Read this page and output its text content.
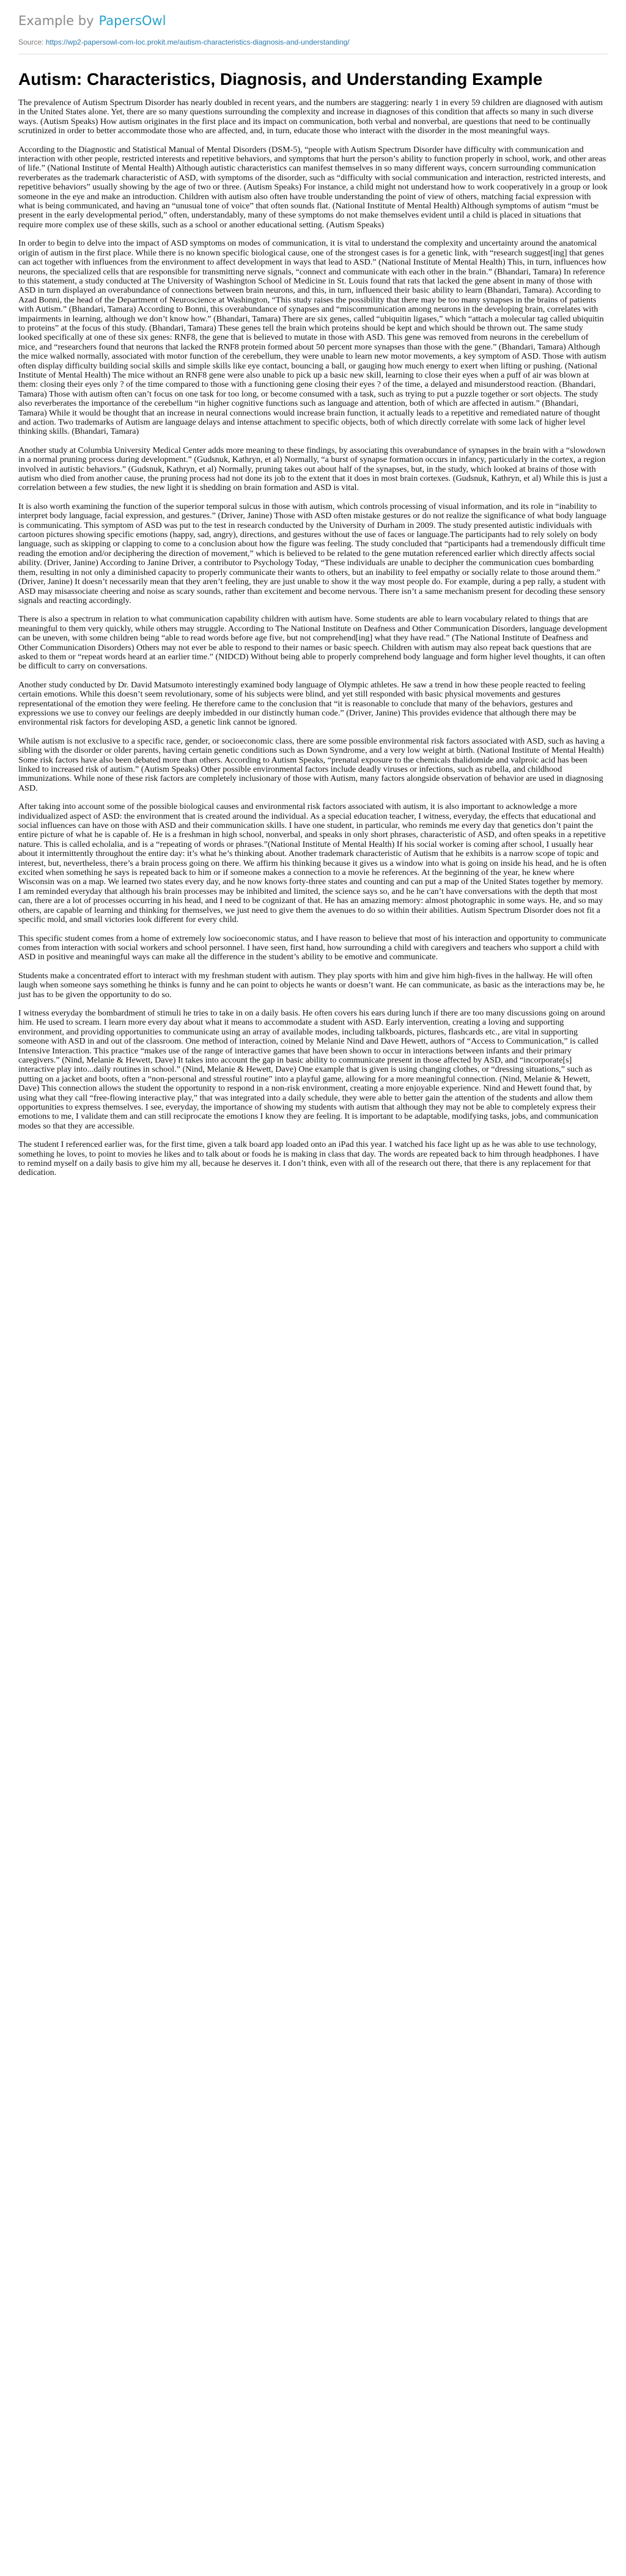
Example by PapersOwl
Source: https://wp2-papersowl-com-loc.prokit.me/autism-characteristics-diagnosis-and-understanding/
Autism: Characteristics, Diagnosis, and Understanding Example

The prevalence of Autism Spectrum Disorder has nearly doubled in recent years, and the numbers are staggering: nearly 1 in every 59 children are diagnosed with autism in the United States alone. Yet, there are so many questions surrounding the complexity and increase in diagnoses of this condition that affects so many in such diverse ways. (Autism Speaks) How autism originates in the first place and its impact on communication, both verbal and nonverbal, are questions that need to be continually scrutinized in order to better accommodate those who are affected, and, in turn, educate those who interact with the disorder in the most meaningful ways.

According to the Diagnostic and Statistical Manual of Mental Disorders (DSM-5), “people with Autism Spectrum Disorder have difficulty with communication and interaction with other people, restricted interests and repetitive behaviors, and symptoms that hurt the person’s ability to function properly in school, work, and other areas of life.” (National Institute of Mental Health) Although autistic characteristics can manifest themselves in so many different ways, concern surrounding communication reverberates as the trademark characteristic of ASD, with symptoms of the disorder, such as “difficulty with social communication and interaction, restricted interests, and repetitive behaviors” usually showing by the age of two or three. (Autism Speaks) For instance, a child might not understand how to work cooperatively in a group or look someone in the eye and make an introduction. Children with autism also often have trouble understanding the point of view of others, matching facial expression with what is being communicated, and having an “unusual tone of voice” that often sounds flat. (National Institute of Mental Health) Although symptoms of autism “must be present in the early developmental period,” often, understandably, many of these symptoms do not make themselves evident until a child is placed in situations that require more complex use of these skills, such as a school or another educational setting. (Autism Speaks)

In order to begin to delve into the impact of ASD symptoms on modes of communication, it is vital to understand the complexity and uncertainty around the anatomical origin of autism in the first place. While there is no known specific biological cause, one of the strongest cases is for a genetic link, with “research suggest[ing] that genes can act together with influences from the environment to affect development in ways that lead to ASD.” (National Institute of Mental Health) This, in turn, influences how neurons, the specialized cells that are responsible for transmitting nerve signals, “connect and communicate with each other in the brain.” (Bhandari, Tamara) In reference to this statement, a study conducted at The University of Washington School of Medicine in St. Louis found that rats that lacked the gene absent in many of those with ASD in turn displayed an overabundance of connections between brain neurons, and this, in turn, influenced their basic ability to learn (Bhandari, Tamara). According to Azad Bonni, the head of the Department of Neuroscience at Washington, “This study raises the possibility that there may be too many synapses in the brains of patients with Autism.” (Bhandari, Tamara) According to Bonni, this overabundance of synapses and “miscommunication among neurons in the developing brain, correlates with impairments in learning, although we don’t know how.” (Bhandari, Tamara) There are six genes, called “ubiquitin ligases,” which “attach a molecular tag called ubiquitin to proteins” at the focus of this study. (Bhandari, Tamara) These genes tell the brain which proteins should be kept and which should be thrown out. The same study looked specifically at one of these six genes: RNF8, the gene that is believed to mutate in those with ASD. This gene was removed from neurons in the cerebellum of mice, and “researchers found that neurons that lacked the RNF8 protein formed about 50 percent more synapses than those with the gene.” (Bhandari, Tamara) Although the mice walked normally, associated with motor function of the cerebellum, they were unable to learn new motor movements, a key symptom of ASD. Those with autism often display difficulty building social skills and simple skills like eye contact, bouncing a ball, or gauging how much energy to exert when lifting or pushing. (National Institute of Mental Health) The mice without an RNF8 gene were also unable to pick up a basic new skill, learning to close their eyes when a puff of air was blown at them: closing their eyes only ? of the time compared to those with a functioning gene closing their eyes ? of the time, a delayed and misunderstood reaction. (Bhandari, Tamara) Those with autism often can’t focus on one task for too long, or become consumed with a task, such as trying to put a puzzle together or sort objects. The study also reverberates the importance of the cerebellum “in higher cognitive functions such as language and attention, both of which are affected in autism.” (Bhandari, Tamara) While it would be thought that an increase in neural connections would increase brain function, it actually leads to a repetitive and remediated nature of thought and action. Two trademarks of Autism are language delays and intense attachment to specific objects, both of which directly correlate with some lack of higher level thinking skills. (Bhandari, Tamara)

Another study at Columbia University Medical Center adds more meaning to these findings, by associating this overabundance of synapses in the brain with a “slowdown in a normal pruning process during development.” (Gudsnuk, Kathryn, et al) Normally, “a burst of synapse formation occurs in infancy, particularly in the cortex, a region involved in autistic behaviors.” (Gudsnuk, Kathryn, et al) Normally, pruning takes out about half of the synapses, but, in the study, which looked at brains of those with autism who died from another cause, the pruning process had not done its job to the extent that it does in most brain cortexes. (Gudsnuk, Kathryn, et al) While this is just a correlation between a few studies, the new light it is shedding on brain formation and ASD is vital.

It is also worth examining the function of the superior temporal sulcus in those with autism, which controls processing of visual information, and its role in “inability to interpret body language, facial expression, and gestures.” (Driver, Janine) Those with ASD often mistake gestures or do not realize the significance of what body language is communicating. This symptom of ASD was put to the test in research conducted by the University of Durham in 2009. The study presented autistic individuals with cartoon pictures showing specific emotions (happy, sad, angry), directions, and gestures without the use of faces or language.The participants had to rely solely on body language, such as skipping or clapping to come to a conclusion about how the figure was feeling. The study concluded that “participants had a tremendously difficult time reading the emotion and/or deciphering the direction of movement,” which is believed to be related to the gene mutation referenced earlier which directly affects social ability. (Driver, Janine) According to Janine Driver, a contributor to Psychology Today, “These individuals are unable to decipher the communication cues bombarding them, resulting in not only a diminished capacity to properly communicate their wants to others, but an inability to feel empathy or socially relate to those around them.” (Driver, Janine) It doesn’t necessarily mean that they aren’t feeling, they are just unable to show it the way most people do. For example, during a pep rally, a student with ASD may misassociate cheering and noise as scary sounds, rather than excitement and become nervous. There isn’t a same mechanism present for decoding these sensory signals and reacting accordingly.

There is also a spectrum in relation to what communication capability children with autism have. Some students are able to learn vocabulary related to things that are meaningful to them very quickly, while others may struggle. According to The National Institute on Deafness and Other Communication Disorders, language development can be uneven, with some children being “able to read words before age five, but not comprehend[ing] what they have read.” (The National Institute of Deafness and Other Communication Disorders) Others may not ever be able to respond to their names or basic speech. Children with autism may also repeat back questions that are asked to them or “repeat words heard at an earlier time.” (NIDCD) Without being able to properly comprehend body language and form higher level thoughts, it can often be difficult to carry on conversations.

Another study conducted by Dr. David Matsumoto interestingly examined body language of Olympic athletes. He saw a trend in how these people reacted to feeling certain emotions. While this doesn’t seem revolutionary, some of his subjects were blind, and yet still responded with basic physical movements and gestures representational of the emotion they were feeling. He therefore came to the conclusion that “it is reasonable to conclude that many of the behaviors, gestures and expressions we use to convey our feelings are deeply imbedded in our distinctly human code.” (Driver, Janine) This provides evidence that although there may be environmental risk factors for developing ASD, a genetic link cannot be ignored.

While autism is not exclusive to a specific race, gender, or socioeconomic class, there are some possible environmental risk factors associated with ASD, such as having a sibling with the disorder or older parents, having certain genetic conditions such as Down Syndrome, and a very low weight at birth. (National Institute of Mental Health) Some risk factors have also been debated more than others. According to Autism Speaks, “prenatal exposure to the chemicals thalidomide and valproic acid has been linked to increased risk of autism.” (Autism Speaks) Other possible environmental factors include deadly viruses or infections, such as rubella, and childhood immunizations. While none of these risk factors are completely inclusionary of those with Autism, many factors alongside observation of behavior are used in diagnosing ASD.

After taking into account some of the possible biological causes and environmental risk factors associated with autism, it is also important to acknowledge a more individualized aspect of ASD: the environment that is created around the individual. As a special education teacher, I witness, everyday, the effects that educational and social influences can have on those with ASD and their communication skills. I have one student, in particular, who reminds me every day that genetics don’t paint the entire picture of what he is capable of. He is a freshman in high school, nonverbal, and speaks in only short phrases, characteristic of ASD, and often speaks in a repetitive nature. This is called echolalia, and is a “repeating of words or phrases.”(National Institute of Mental Health) If his social worker is coming after school, I usually hear about it intermittently throughout the entire day: it’s what he’s thinking about. Another trademark characteristic of Autism that he exhibits is a narrow scope of topic and interest, but, nevertheless, there’s a brain process going on there. We affirm his thinking because it gives us a window into what is going on inside his head, and he is often excited when something he says is repeated back to him or if someone makes a connection to a movie he references. At the beginning of the year, he knew where Wisconsin was on a map. We learned two states every day, and he now knows forty-three states and counting and can put a map of the United States together by memory. I am reminded everyday that although his brain processes may be inhibited and limited, the science says so, and he he can’t have conversations with the depth that most can, there are a lot of processes occurring in his head, and I need to be cognizant of that. He has an amazing memory: almost photographic in some ways. He, and so may others, are capable of learning and thinking for themselves, we just need to give them the avenues to do so within their abilities. Autism Spectrum Disorder does not fit a specific mold, and small victories look different for every child.

This specific student comes from a home of extremely low socioeconomic status, and I have reason to believe that most of his interaction and opportunity to communicate comes from interaction with social workers and school personnel. I have seen, first hand, how surrounding a child with caregivers and teachers who support a child with ASD in positive and meaningful ways can make all the difference in the student’s ability to be emotive and communicate.

Students make a concentrated effort to interact with my freshman student with autism. They play sports with him and give him high-fives in the hallway. He will often laugh when someone says something he thinks is funny and he can point to objects he wants or doesn’t want. He can communicate, as basic as the interactions may be, he just has to be given the opportunity to do so.

I witness everyday the bombardment of stimuli he tries to take in on a daily basis. He often covers his ears during lunch if there are too many discussions going on around him. He used to scream. I learn more every day about what it means to accommodate a student with ASD. Early intervention, creating a loving and supporting environment, and providing opportunities to communicate using an array of available modes, including talkboards, pictures, flashcards etc., are vital in supporting someone with ASD in and out of the classroom. One method of interaction, coined by Melanie Nind and Dave Hewett, authors of “Access to Communication,” is called Intensive Interaction. This practice “makes use of the range of interactive games that have been shown to occur in interactions between infants and their primary caregivers.” (Nind, Melanie & Hewett, Dave) It takes into account the gap in basic ability to communicate present in those affected by ASD, and “incorporate[s] interactive play into...daily routines in school.” (Nind, Melanie & Hewett, Dave) One example that is given is using changing clothes, or “dressing situations,” such as putting on a jacket and boots, often a “non-personal and stressful routine” into a playful game, allowing for a more meaningful connection. (Nind, Melanie & Hewett, Dave) This connection allows the student the opportunity to respond in a non-risk environment, creating a more enjoyable experience. Nind and Hewett found that, by using what they call “free-flowing interactive play,” that was integrated into a daily schedule, they were able to better gain the attention of the students and allow them opportunities to express themselves. I see, everyday, the importance of showing my students with autism that although they may not be able to completely express their emotions to me, I validate them and can still reciprocate the emotions I know they are feeling. It is important to be adaptable, modifying tasks, jobs, and communication modes so that they are accessible.

The student I referenced earlier was, for the first time, given a talk board app loaded onto an iPad this year. I watched his face light up as he was able to use technology, something he loves, to point to movies he likes and to talk about or foods he is making in class that day. The words are repeated back to him through headphones. I have to remind myself on a daily basis to give him my all, because he deserves it. I don’t think, even with all of the research out there, that there is any replacement for that dedication.
